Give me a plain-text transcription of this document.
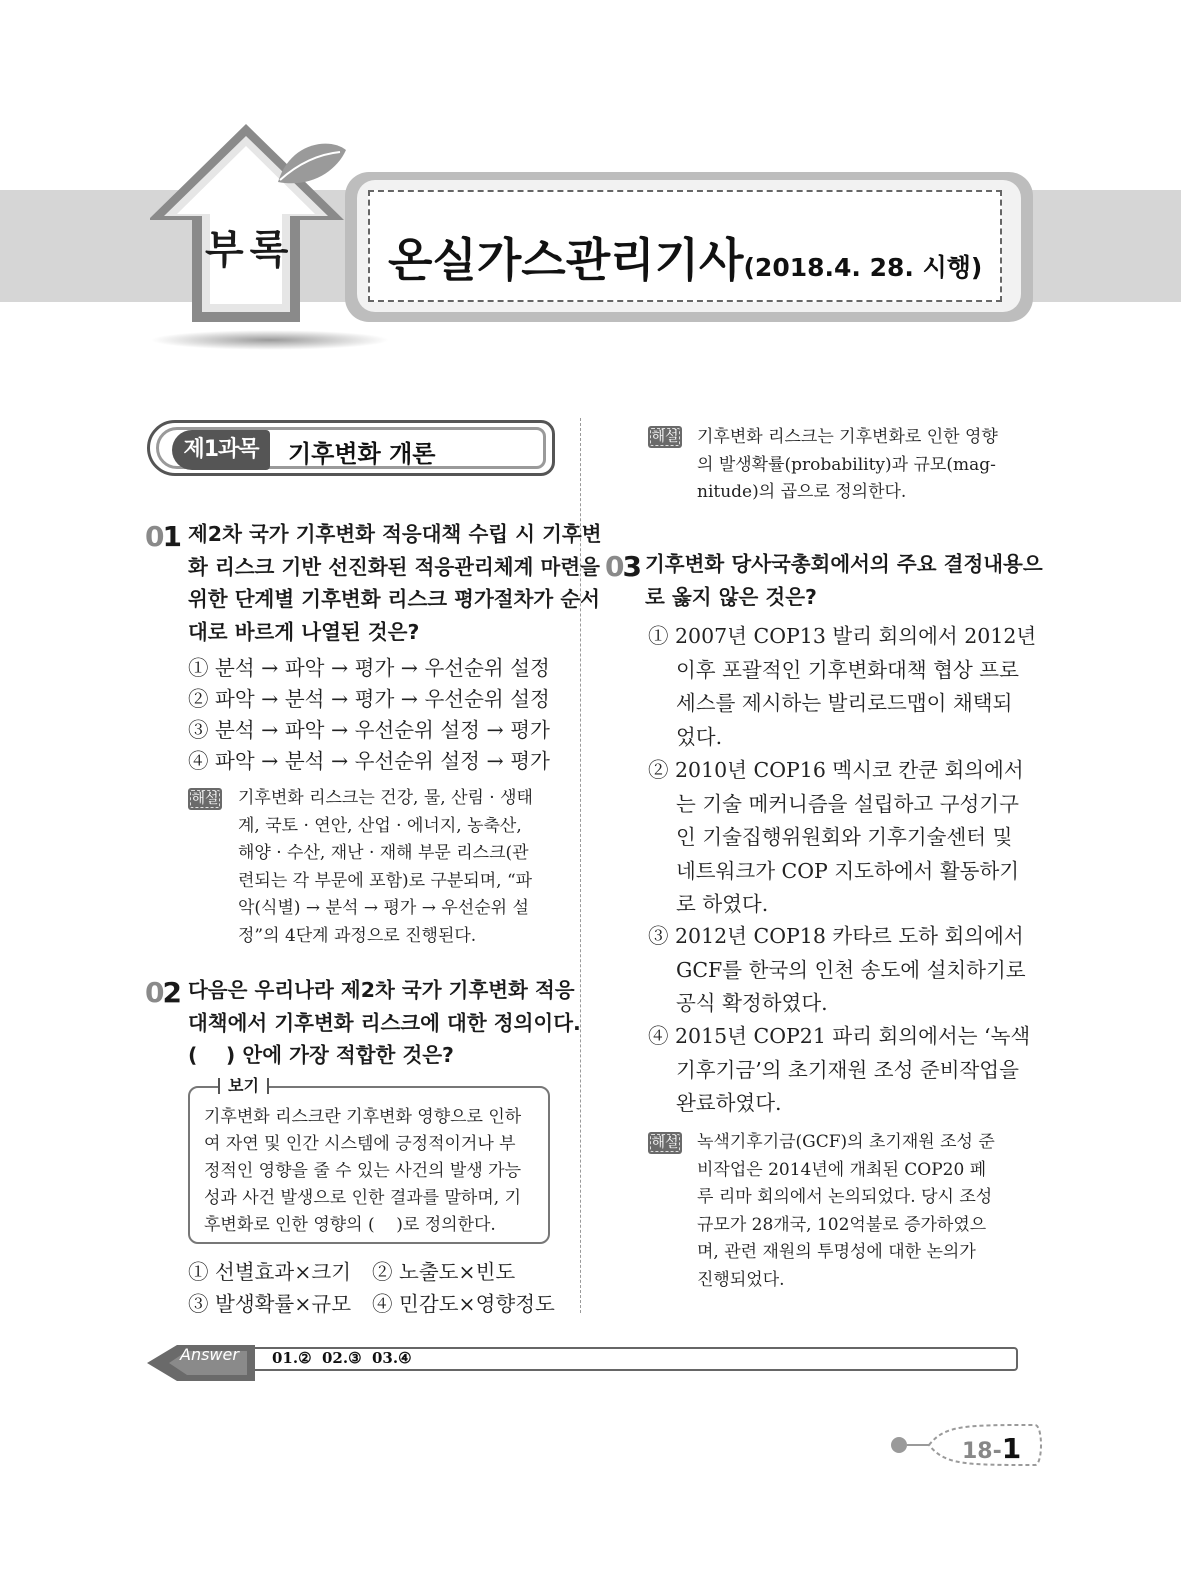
부록 온실가스관리기사(2018.4. 28. 시행)
제1과목	기후변화 개론
01 제2차 국가 기후변화 적응대책 수립 시 기후변
화 리스크 기반 선진화된 적응관리체계 마련을
위한 단계별 기후변화 리스크 평가절차가 순서
대로 바르게 나열된 것은?
① 분석 → 파악 → 평가 → 우선순위 설정
② 파악 → 분석 → 평가 → 우선순위 설정
③ 분석 → 파악 → 우선순위 설정 → 평가
④ 파악 → 분석 → 우선순위 설정 → 평가
해설 기후변화 리스크는 건강, 물, 산림 · 생태
계, 국토 · 연안, 산업 · 에너지, 농축산,
해양 · 수산, 재난 · 재해 부문 리스크(관
련되는 각 부문에 포함)로 구분되며, “파
악(식별) → 분석 → 평가 → 우선순위 설
정”의 4단계 과정으로 진행된다.
02 다음은 우리나라 제2차 국가 기후변화 적응
대책에서 기후변화 리스크에 대한 정의이다.
(    ) 안에 가장 적합한 것은?
보기
기후변화 리스크란 기후변화 영향으로 인하
여 자연 및 인간 시스템에 긍정적이거나 부
정적인 영향을 줄 수 있는 사건의 발생 가능
성과 사건 발생으로 인한 결과를 말하며, 기
후변화로 인한 영향의 (    )로 정의한다.
① 선별효과×크기 ② 노출도×빈도
③ 발생확률×규모 ④ 민감도×영향정도
해설 기후변화 리스크는 기후변화로 인한 영향
의 발생확률(probability)과 규모(mag-
nitude)의 곱으로 정의한다.
03 기후변화 당사국총회에서의 주요 결정내용으
로 옳지 않은 것은?
① 2007년 COP13 발리 회의에서 2012년
이후 포괄적인 기후변화대책 협상 프로
세스를 제시하는 발리로드맵이 채택되
었다.
② 2010년 COP16 멕시코 칸쿤 회의에서
는 기술 메커니즘을 설립하고 구성기구
인 기술집행위원회와 기후기술센터 및
네트워크가 COP 지도하에서 활동하기
로 하였다.
③ 2012년 COP18 카타르 도하 회의에서
GCF를 한국의 인천 송도에 설치하기로
공식 확정하였다.
④ 2015년 COP21 파리 회의에서는 ‘녹색
기후기금’의 초기재원 조성 준비작업을
완료하였다.
해설 녹색기후기금(GCF)의 초기재원 조성 준
비작업은 2014년에 개최된 COP20 페
루 리마 회의에서 논의되었다. 당시 조성
규모가 28개국, 102억불로 증가하였으
며, 관련 재원의 투명성에 대한 논의가
진행되었다.
Answer 01.②  02.③  03.④
18-1
